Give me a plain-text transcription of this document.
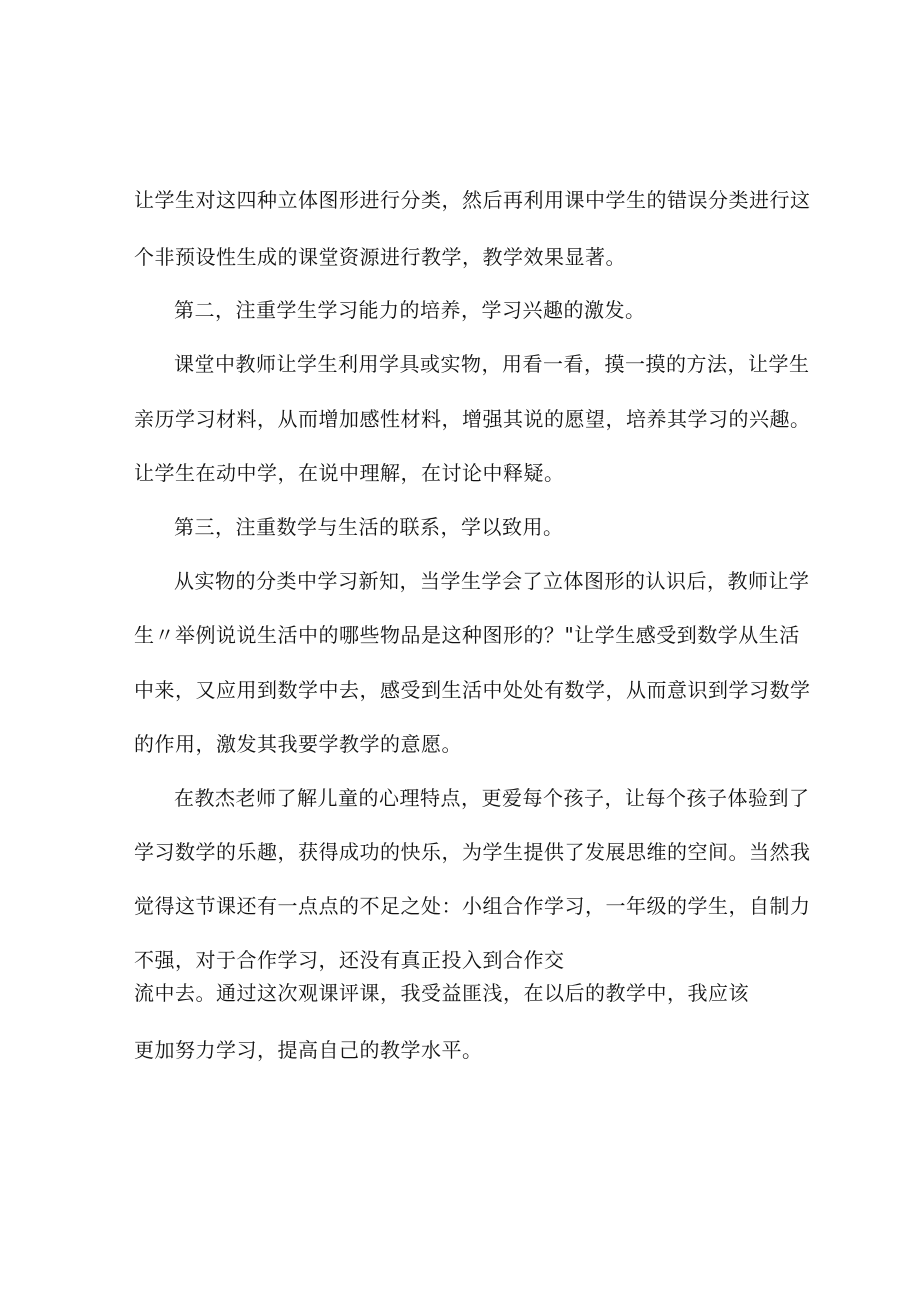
让学生对这四种立体图形进行分类，然后再利用课中学生的错误分类进行这
个非预设性生成的课堂资源进行教学，教学效果显著。
第二，注重学生学习能力的培养，学习兴趣的激发。
课堂中教师让学生利用学具或实物，用看一看，摸一摸的方法，让学生
亲历学习材料，从而增加感性材料，增强其说的愿望，培养其学习的兴趣。
让学生在动中学，在说中理解，在讨论中释疑。
第三，注重数学与生活的联系，学以致用。
从实物的分类中学习新知，当学生学会了立体图形的认识后，教师让学
生〃举例说说生活中的哪些物品是这种图形的？"让学生感受到数学从生活
中来，又应用到数学中去，感受到生活中处处有数学，从而意识到学习数学
的作用，激发其我要学教学的意愿。
在教杰老师了解儿童的心理特点，更爱每个孩子，让每个孩子体验到了
学习数学的乐趣，获得成功的快乐，为学生提供了发展思维的空间。当然我
觉得这节课还有一点点的不足之处：小组合作学习，一年级的学生，自制力
不强，对于合作学习，还没有真正投入到合作交
流中去。通过这次观课评课，我受益匪浅，在以后的教学中，我应该
更加努力学习，提高自己的教学水平。
